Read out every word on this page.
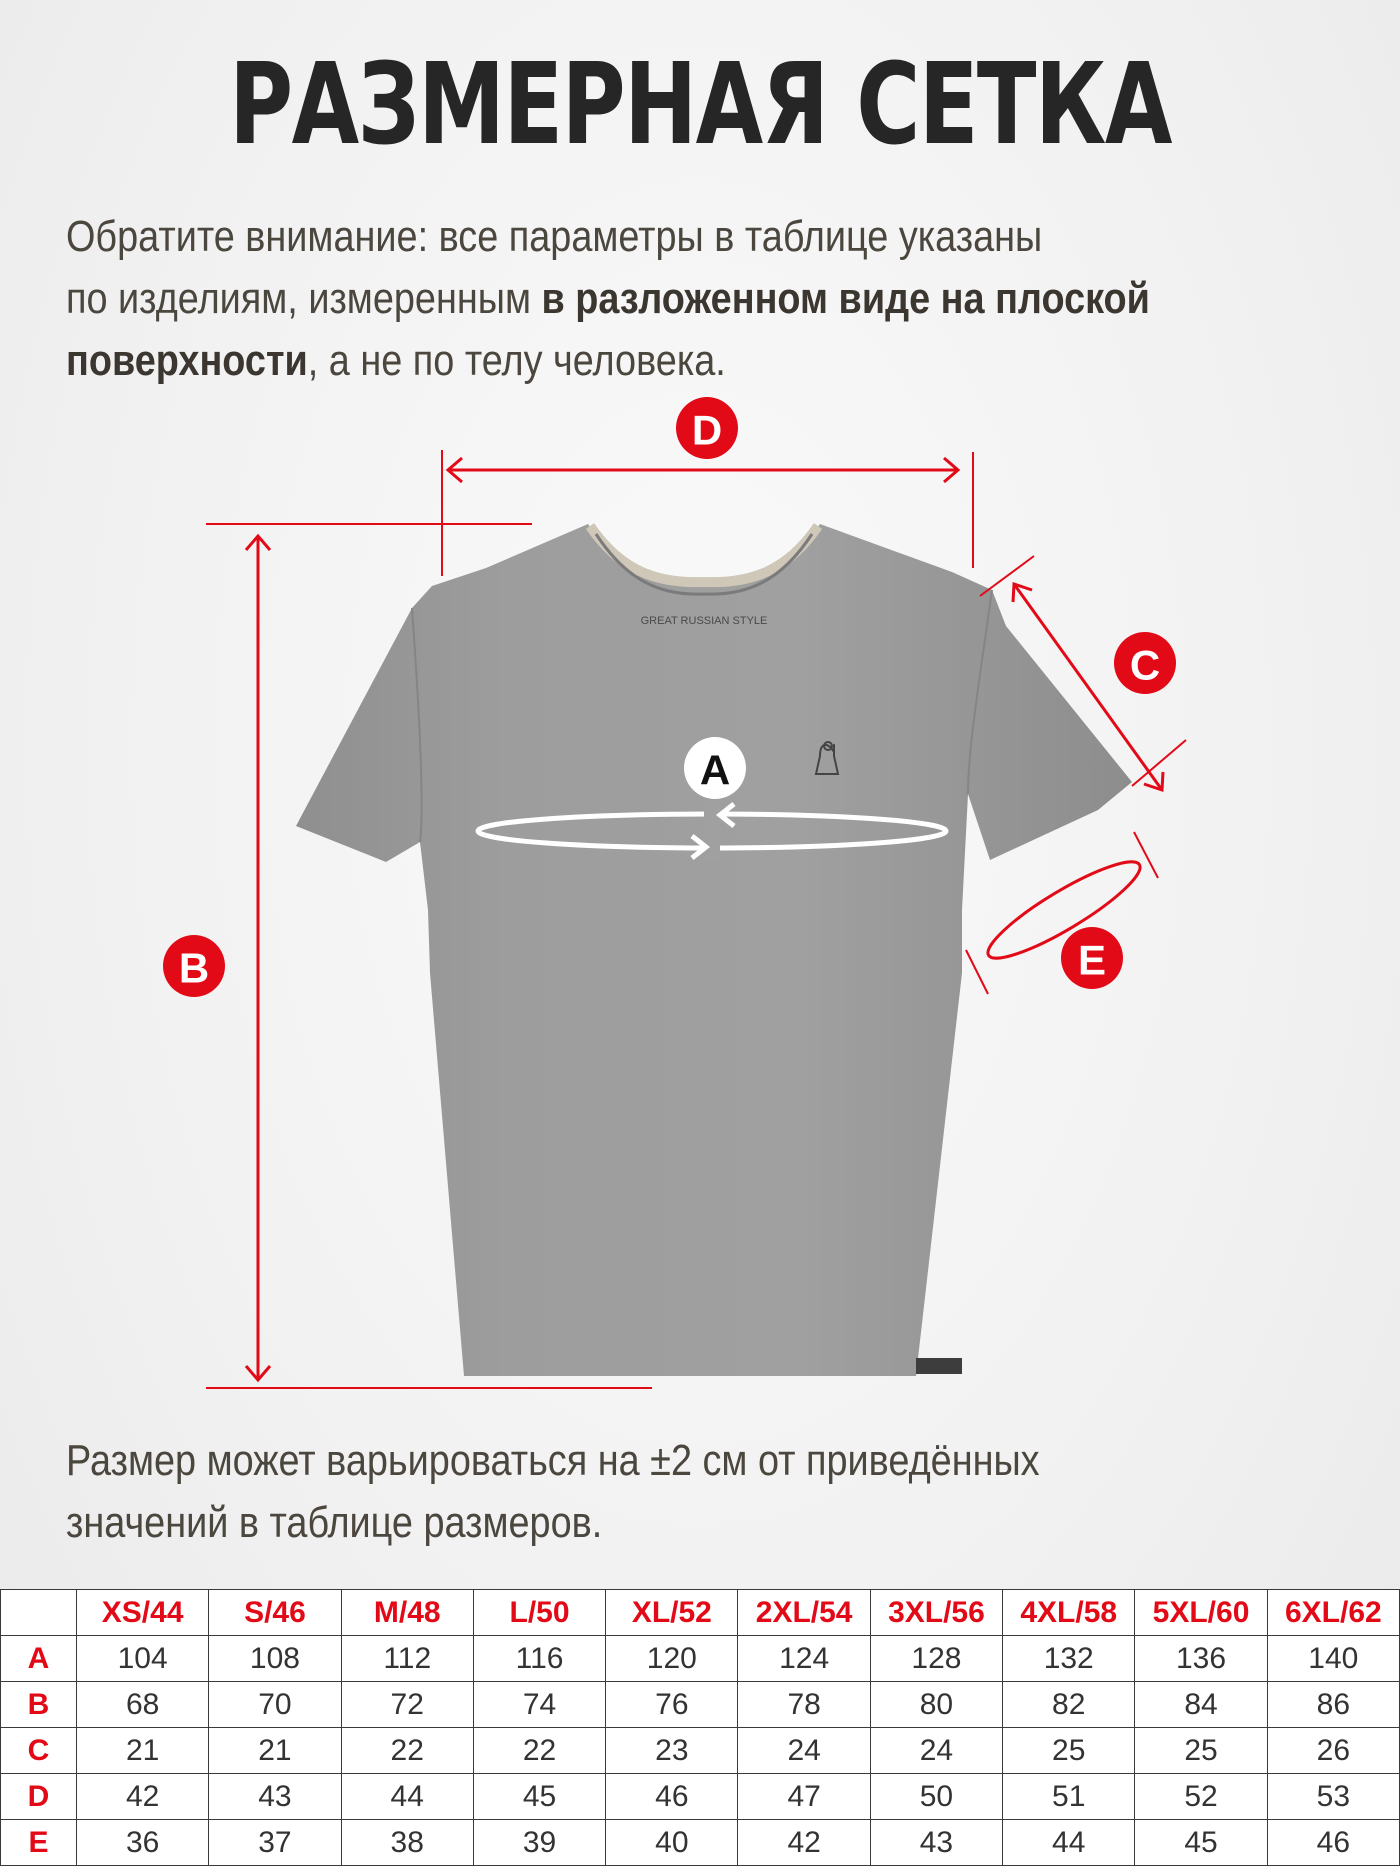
РАЗМЕРНАЯ СЕТКА
Обратите внимание: все параметры в таблице указаны
по изделиям, измеренным в разложенном виде на плоской
поверхности, а не по телу человека.
GREAT RUSSIAN STYLE
D
B
C
E
A
Размер может варьироваться на ±2 см от приведённых
значений в таблице размеров.
	XS/44	S/46	M/48	L/50	XL/52	2XL/54	3XL/56	4XL/58	5XL/60	6XL/62
A	104	108	112	116	120	124	128	132	136	140
B	68	70	72	74	76	78	80	82	84	86
C	21	21	22	22	23	24	24	25	25	26
D	42	43	44	45	46	47	50	51	52	53
E	36	37	38	39	40	42	43	44	45	46
